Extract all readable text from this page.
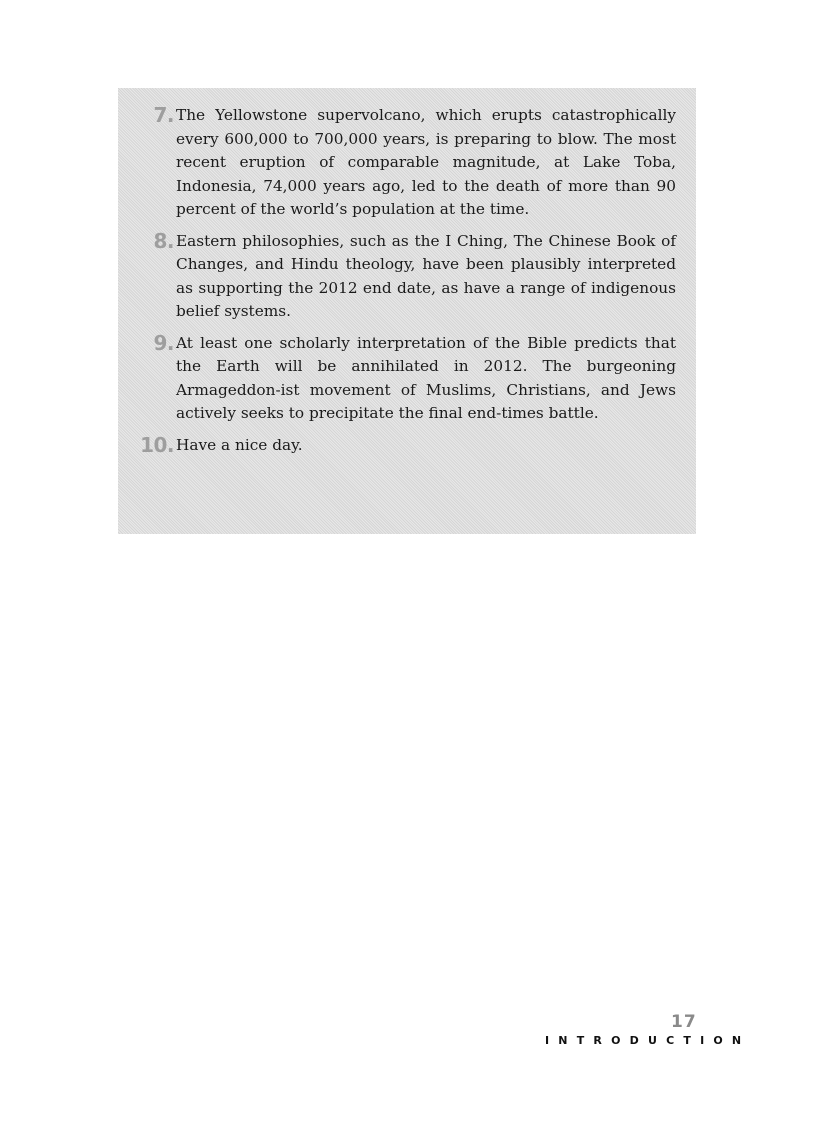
7. The Yellowstone supervolcano, which erupts catastrophically every 600,000 to 700,000 years, is preparing to blow. The most recent eruption of comparable magnitude, at Lake Toba, Indonesia, 74,000 years ago, led to the death of more than 90 percent of the world’s population at the time.
8. Eastern philosophies, such as the I Ching, The Chinese Book of Changes, and Hindu theology, have been plausibly interpreted as supporting the 2012 end date, as have a range of indigenous belief systems.
9. At least one scholarly interpretation of the Bible predicts that the Earth will be annihilated in 2012. The burgeoning Armageddon-ist movement of Muslims, Christians, and Jews actively seeks to precipitate the final end-times battle.
10. Have a nice day.
INTRODUCTION
17
